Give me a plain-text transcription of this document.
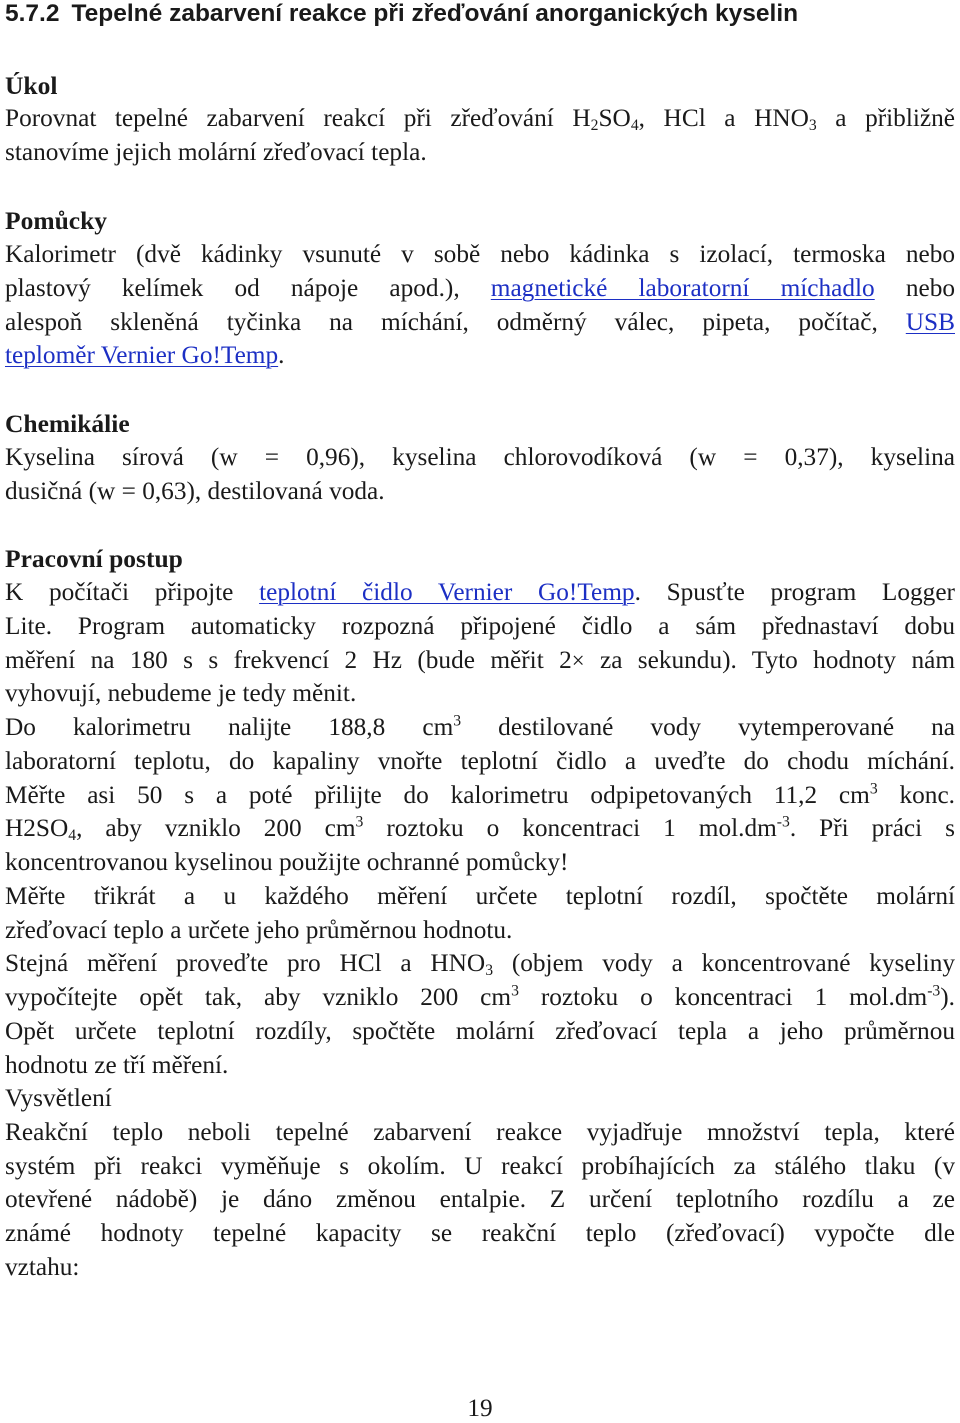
5.7.2 Tepelné zabarvení reakce při zřeďování anorganických kyselin
Úkol
Porovnat tepelné zabarvení reakcí při zřeďování $H_2SO_4$, HCl a $HNO_3$ a přibližně
stanovíme jejich molární zřeďovací tepla.
Pomůcky
Kalorimetr (dvě kádinky vsunuté v sobě nebo kádinka s izolací, termoska nebo
plastový kelímek od nápoje apod.), magnetické laboratorní míchadlo nebo
alespoň skleněná tyčinka na míchání, odměrný válec, pipeta, počítač, USB
teploměr Vernier Go!Temp.
Chemikálie
Kyselina sírová (w = 0,96), kyselina chlorovodíková (w = 0,37), kyselina
dusičná (w = 0,63), destilovaná voda.
Pracovní postup
K počítači připojte teplotní čidlo Vernier Go!Temp. Spusťte program Logger
Lite. Program automaticky rozpozná připojené čidlo a sám přednastaví dobu
měření na 180 s s frekvencí 2 Hz (bude měřit 2× za sekundu). Tyto hodnoty nám
vyhovují, nebudeme je tedy měnit.
Do kalorimetru nalijte 188,8 $cm^3$ destilované vody vytemperované na
laboratorní teplotu, do kapaliny vnořte teplotní čidlo a uveďte do chodu míchání.
Měřte asi 50 s a poté přilijte do kalorimetru odpipetovaných 11,2 $cm^3$ konc.
$H2SO_4$, aby vzniklo 200 $cm^3$ roztoku o koncentraci 1 $mol.dm^{-3}$. Při práci s
koncentrovanou kyselinou použijte ochranné pomůcky!
Měřte třikrát a u každého měření určete teplotní rozdíl, spočtěte molární
zřeďovací teplo a určete jeho průměrnou hodnotu.
Stejná měření proveďte pro HCl a $HNO_3$ (objem vody a koncentrované kyseliny
vypočítejte opět tak, aby vzniklo 200 $cm^3$ roztoku o koncentraci 1 $mol.dm^{-3}$).
Opět určete teplotní rozdíly, spočtěte molární zřeďovací tepla a jeho průměrnou
hodnotu ze tří měření.
Vysvětlení
Reakční teplo neboli tepelné zabarvení reakce vyjadřuje množství tepla, které
systém při reakci vyměňuje s okolím. U reakcí probíhajících za stálého tlaku (v
otevřené nádobě) je dáno změnou entalpie. Z určení teplotního rozdílu a ze
známé hodnoty tepelné kapacity se reakční teplo (zřeďovací) vypočte dle
vztahu:
19
